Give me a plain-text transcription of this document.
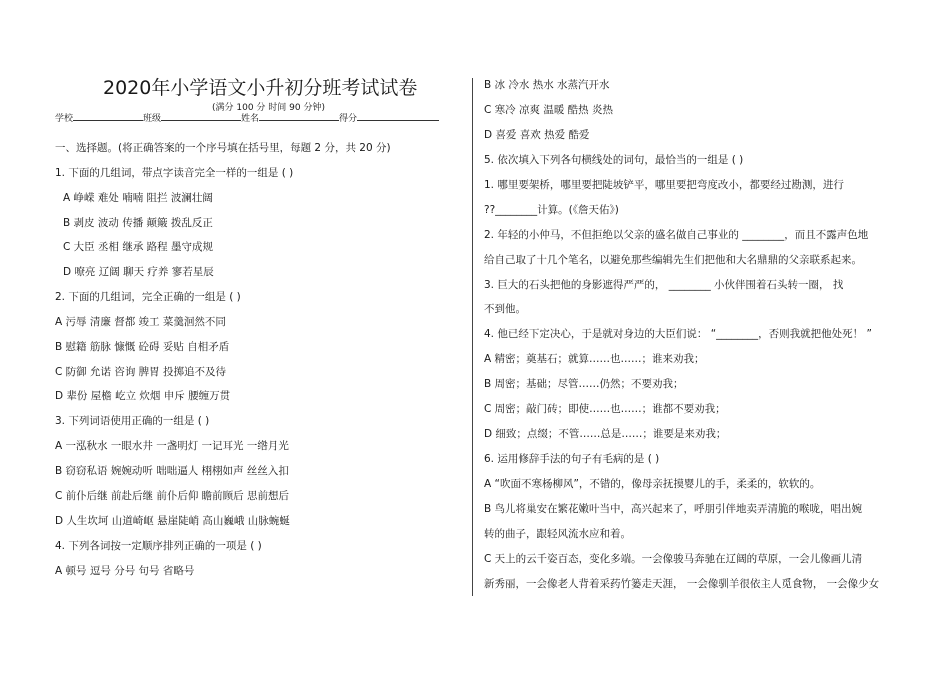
2020年小学语文小升初分班考试试卷
(满分 100 分 时间 90 分钟)
学校	班级	姓名	得分
一、选择题。(将正确答案的一个序号填在括号里，每题 2 分，共 20 分)
1. 下面的几组词，带点字读音完全一样的一组是 ( )
A 峥嵘 难处 喃喃 阻拦 波澜壮阔
B 剥皮 波动 传播 颠簸 拨乱反正
C 大臣 丞相 继承 路程 墨守成规
D 嘹亮 辽阔 聊天 疗养 寥若星辰
2. 下面的几组词，完全正确的一组是 ( )
A 污辱 清廉 督都 竣工 菜羹洄然不同
B 慰籍 筋脉 慷慨 砼碍 妥贴 自相矛盾
C 防御 允诺 咨询 脾胃 投掷追不及待
D 辈份 屋檐 屹立 炊烟 申斥 腰缠万贯
3. 下列词语使用正确的一组是 ( )
A 一泓秋水 一眼水井 一盏明灯 一记耳光 一绺月光
B 窃窃私语 婉婉动听 咄咄逼人 栩栩如声 丝丝入扣
C 前仆后继 前赴后继 前仆后仰 瞻前顾后 思前想后
D 人生坎坷 山道崎岖 悬崖陡峭 高山巍峨 山脉蜿蜒
4. 下列各词按一定顺序排列正确的一项是 ( )
A 顿号 逗号 分号 句号 省略号
B 冰 冷水 热水 水蒸汽开水
C 寒冷 凉爽 温暖 酷热 炎热
D 喜爱 喜欢 热爱 酷爱
5. 依次填入下列各句横线处的词句，最恰当的一组是 ( )
1. 哪里要架桥，哪里要把陡坡铲平，哪里要把弯度改小，都要经过勘测，进行
??________计算。(《詹天佑》)
2. 年轻的小仲马，不但拒绝以父亲的盛名做自己事业的 ________，而且不露声色地
给自己取了十几个笔名，以避免那些编辑先生们把他和大名鼎鼎的父亲联系起来。
3. 巨大的石头把他的身影遮得严严的， ________ 小伙伴围着石头转一圈， 找
不到他。
4. 他已经下定决心，于是就对身边的大臣们说： “________，否则我就把他处死！ ”
A 精密；奠基石；就算……也……；谁来劝我；
B 周密；基础；尽管……仍然；不要劝我；
C 周密；敲门砖；即使……也……；谁都不要劝我；
D 细致；点缀；不管……总是……；谁要是来劝我；
6. 运用修辞手法的句子有毛病的是 ( )
A “吹面不寒杨柳风”，不错的，像母亲抚摸婴儿的手，柔柔的，软软的。
B 鸟儿将巢安在繁花嫩叶当中，高兴起来了，呼朋引伴地卖弄清脆的喉咙，唱出婉
转的曲子，跟轻风流水应和着。
C 天上的云千姿百态，变化多端。一会像骏马奔驰在辽阔的草原，一会儿像画儿清
新秀丽，一会像老人背着采药竹篓走天涯， 一会像驯羊很依主人觅食物， 一会像少女
